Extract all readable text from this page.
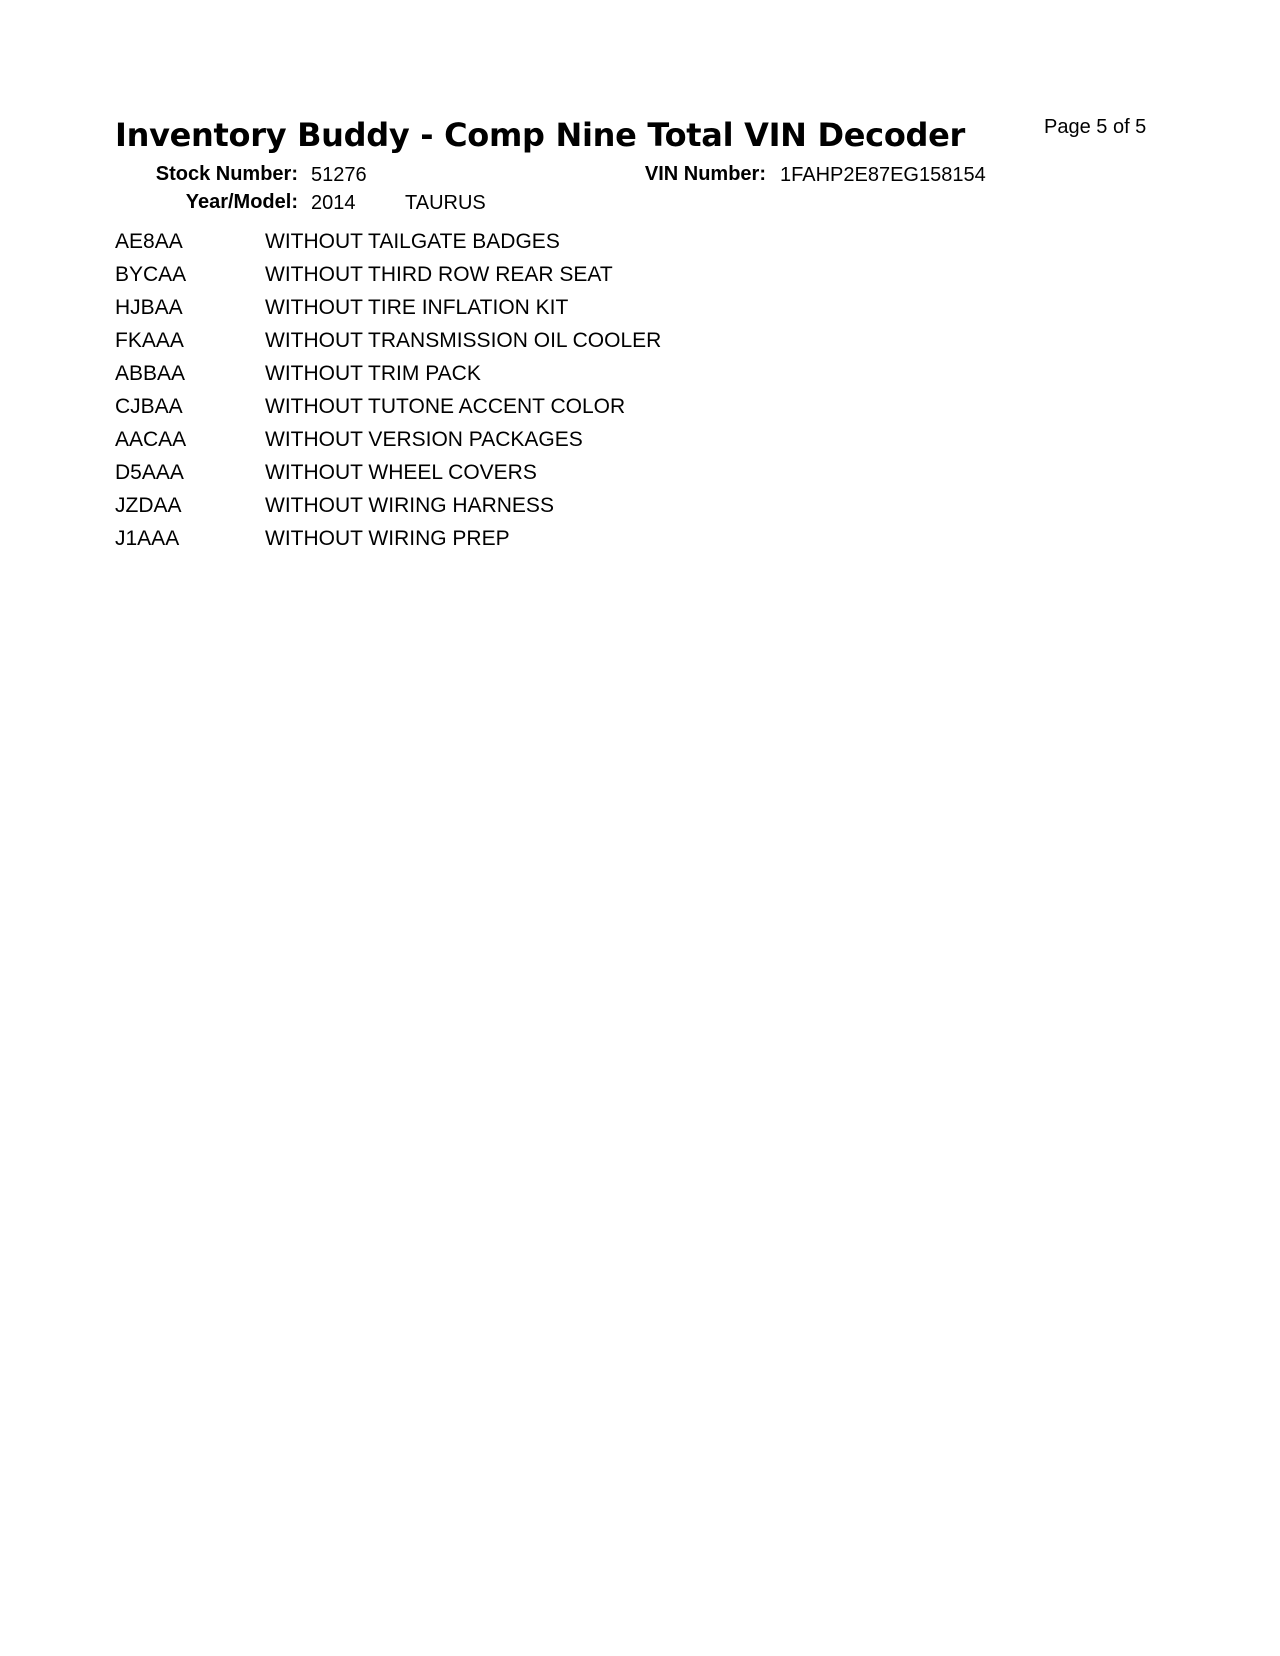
Inventory Buddy - Comp Nine Total VIN Decoder	Page 5 of 5
Stock Number: 51276
Year/Model: 2014 TAURUS
VIN Number: 1FAHP2E87EG158154
AE8AA	WITHOUT TAILGATE BADGES
BYCAA	WITHOUT THIRD ROW REAR SEAT
HJBAA	WITHOUT TIRE INFLATION KIT
FKAAA	WITHOUT TRANSMISSION OIL COOLER
ABBAA	WITHOUT TRIM PACK
CJBAA	WITHOUT TUTONE ACCENT COLOR
AACAA	WITHOUT VERSION PACKAGES
D5AAA	WITHOUT WHEEL COVERS
JZDAA	WITHOUT WIRING HARNESS
J1AAA	WITHOUT WIRING PREP
